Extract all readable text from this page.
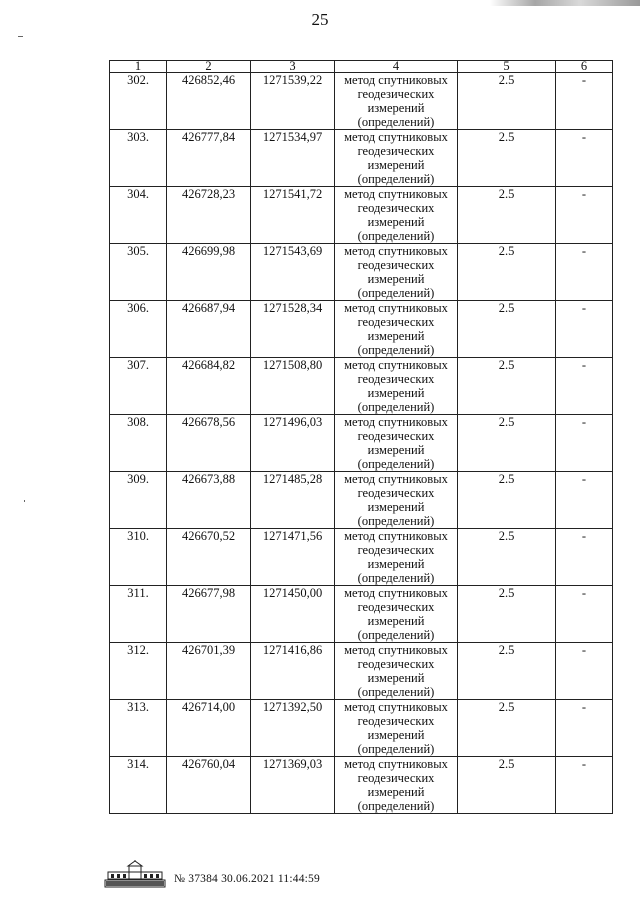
25
1	2	3	4	5	6
302.	426852,46	1271539,22	метод спутниковых
геодезических
измерений
(определений)	2.5	-
303.	426777,84	1271534,97	метод спутниковых
геодезических
измерений
(определений)	2.5	-
304.	426728,23	1271541,72	метод спутниковых
геодезических
измерений
(определений)	2.5	-
305.	426699,98	1271543,69	метод спутниковых
геодезических
измерений
(определений)	2.5	-
306.	426687,94	1271528,34	метод спутниковых
геодезических
измерений
(определений)	2.5	-
307.	426684,82	1271508,80	метод спутниковых
геодезических
измерений
(определений)	2.5	-
308.	426678,56	1271496,03	метод спутниковых
геодезических
измерений
(определений)	2.5	-
309.	426673,88	1271485,28	метод спутниковых
геодезических
измерений
(определений)	2.5	-
310.	426670,52	1271471,56	метод спутниковых
геодезических
измерений
(определений)	2.5	-
311.	426677,98	1271450,00	метод спутниковых
геодезических
измерений
(определений)	2.5	-
312.	426701,39	1271416,86	метод спутниковых
геодезических
измерений
(определений)	2.5	-
313.	426714,00	1271392,50	метод спутниковых
геодезических
измерений
(определений)	2.5	-
314.	426760,04	1271369,03	метод спутниковых
геодезических
измерений
(определений)	2.5	-
№ 37384 30.06.2021 11:44:59
